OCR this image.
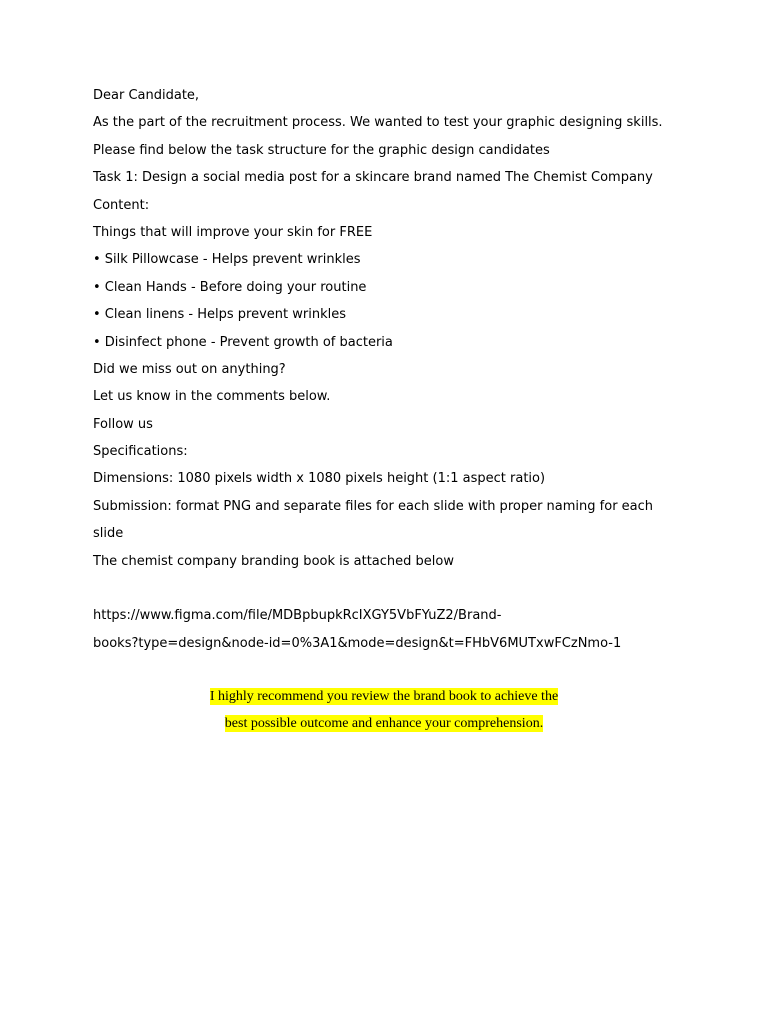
Dear Candidate,
As the part of the recruitment process. We wanted to test your graphic designing skills.
Please find below the task structure for the graphic design candidates
Task 1: Design a social media post for a skincare brand named The Chemist Company
Content:
Things that will improve your skin for FREE
• Silk Pillowcase - Helps prevent wrinkles
• Clean Hands - Before doing your routine
• Clean linens - Helps prevent wrinkles
• Disinfect phone - Prevent growth of bacteria
Did we miss out on anything?
Let us know in the comments below.
Follow us
Specifications:
Dimensions: 1080 pixels width x 1080 pixels height (1:1 aspect ratio)
Submission: format PNG and separate files for each slide with proper naming for each
slide
The chemist company branding book is attached below
https://www.figma.com/file/MDBpbupkRcIXGY5VbFYuZ2/Brand-
books?type=design&node-id=0%3A1&mode=design&t=FHbV6MUTxwFCzNmo-1
I highly recommend you review the brand book to achieve the
best possible outcome and enhance your comprehension.
